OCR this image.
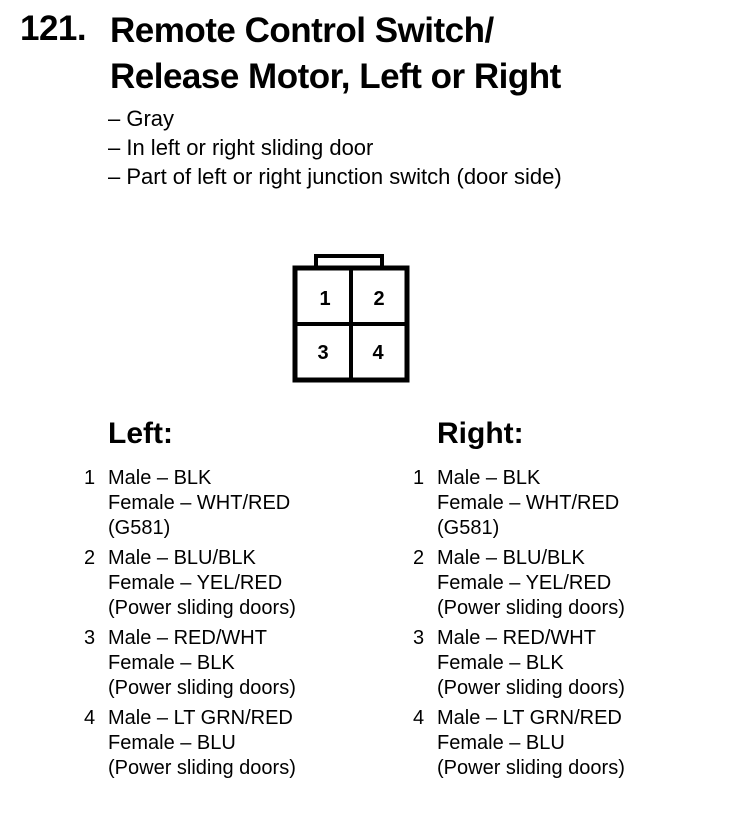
121. Remote Control Switch/
Release Motor, Left or Right
– Gray
– In left or right sliding door
– Part of left or right junction switch (door side)
1 2
3 4
Left:	Right:
1 Male – BLK
Female – WHT/RED
(G581)
2 Male – BLU/BLK
Female – YEL/RED
(Power sliding doors)
3 Male – RED/WHT
Female – BLK
(Power sliding doors)
4 Male – LT GRN/RED
Female – BLU
(Power sliding doors)
1 Male – BLK
Female – WHT/RED
(G581)
2 Male – BLU/BLK
Female – YEL/RED
(Power sliding doors)
3 Male – RED/WHT
Female – BLK
(Power sliding doors)
4 Male – LT GRN/RED
Female – BLU
(Power sliding doors)
